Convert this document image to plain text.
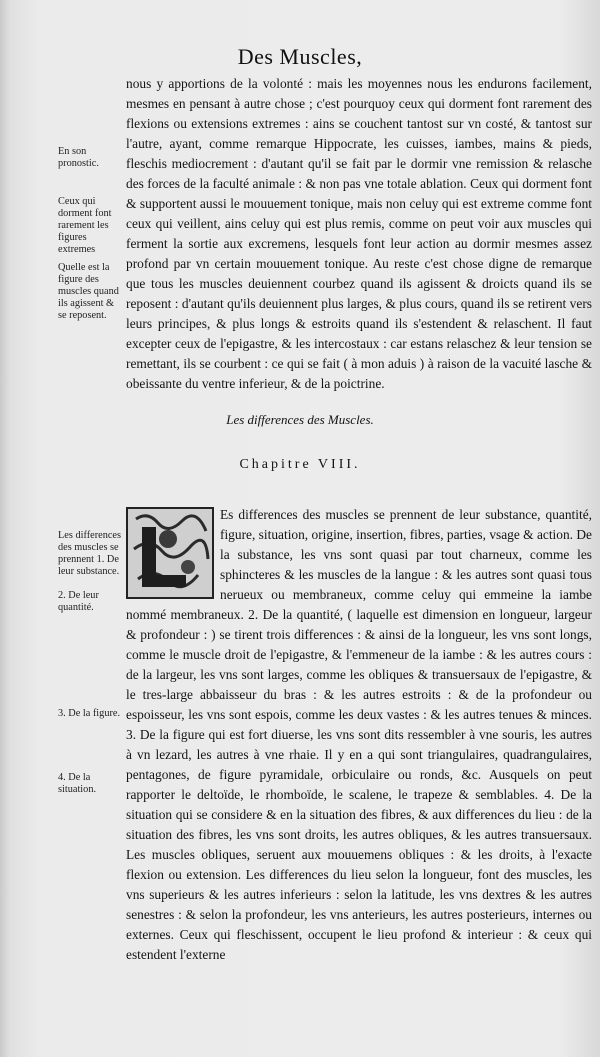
Des Muscles,
En son pronostic.
Ceux qui dorment font rarement les figures extremes
Quelle est la figure des muscles quand ils agissent & se reposent.

nous y apportions de la volonté : mais les moyennes nous les endurons facilement, mesmes en pensant à autre chose ; c'est pourquoy ceux qui dorment font rarement des flexions ou extensions extremes : ains se couchent tantost sur vn costé, & tantost sur l'autre, ayant, comme remarque Hippocrate, les cuisses, iambes, mains & pieds, fleschis mediocrement : d'autant qu'il se fait par le dormir vne remission & relasche des forces de la faculté animale : & non pas vne totale ablation. Ceux qui dorment font & supportent aussi le mouuement tonique, mais non celuy qui est extreme comme font ceux qui veillent, ains celuy qui est plus remis, comme on peut voir aux muscles qui ferment la sortie aux excremens, lesquels font leur action au dormir mesmes assez profond par vn certain mouuement tonique. Au reste c'est chose digne de remarque que tous les muscles deuiennent courbez quand ils agissent & droicts quand ils se reposent : d'autant qu'ils deuiennent plus larges, & plus cours, quand ils se retirent vers leurs principes, & plus longs & estroits quand ils s'estendent & relaschent. Il faut excepter ceux de l'epigastre, & les intercostaux : car estans relaschez & leur tension se remettant, ils se courbent : ce qui se fait ( à mon aduis ) à raison de la vacuité lasche & obeissante du ventre inferieur, & de la poictrine.

Les differences des Muscles.
Chapitre VIII.
Les differences des muscles se prennent 1. De leur substance.
2. De leur quantité.
3. De la figure.
4. De la situation.

Es differences des muscles se prennent de leur substance, quantité, figure, situation, origine, insertion, fibres, parties, vsage & action. De la substance, les vns sont quasi par tout charneux, comme les sphincteres & les muscles de la langue : & les autres sont quasi tous nerueux ou membraneux, comme celuy qui emmeine la iambe nommé membraneux. 2. De la quantité, ( laquelle est dimension en longueur, largeur & profondeur : ) se tirent trois differences : & ainsi de la longueur, les vns sont longs, comme le muscle droit de l'epigastre, & l'emmeneur de la iambe : & les autres cours : de la largeur, les vns sont larges, comme les obliques & transuersaux de l'epigastre, & le tres-large abbaisseur du bras : & les autres estroits : & de la profondeur ou espoisseur, les vns sont espois, comme les deux vastes : & les autres tenues & minces. 3. De la figure qui est fort diuerse, les vns sont dits ressembler à vne souris, les autres à vn lezard, les autres à vne rhaie. Il y en a qui sont triangulaires, quadrangulaires, pentagones, de figure pyramidale, orbiculaire ou ronds, &c. Ausquels on peut rapporter le deltoïde, le rhomboïde, le scalene, le trapeze & semblables. 4. De la situation qui se considere & en la situation des fibres, & aux differences du lieu : de la situation des fibres, les vns sont droits, les autres obliques, & les autres transuersaux. Les muscles obliques, seruent aux mouuemens obliques : & les droits, à l'exacte flexion ou extension. Les differences du lieu selon la longueur, font des muscles, les vns superieurs & les autres inferieurs : selon la latitude, les vns dextres & les autres senestres : & selon la profondeur, les vns anterieurs, les autres posterieurs, internes ou externes. Ceux qui fleschissent, occupent le lieu profond & interieur : & ceux qui estendent l'externe
